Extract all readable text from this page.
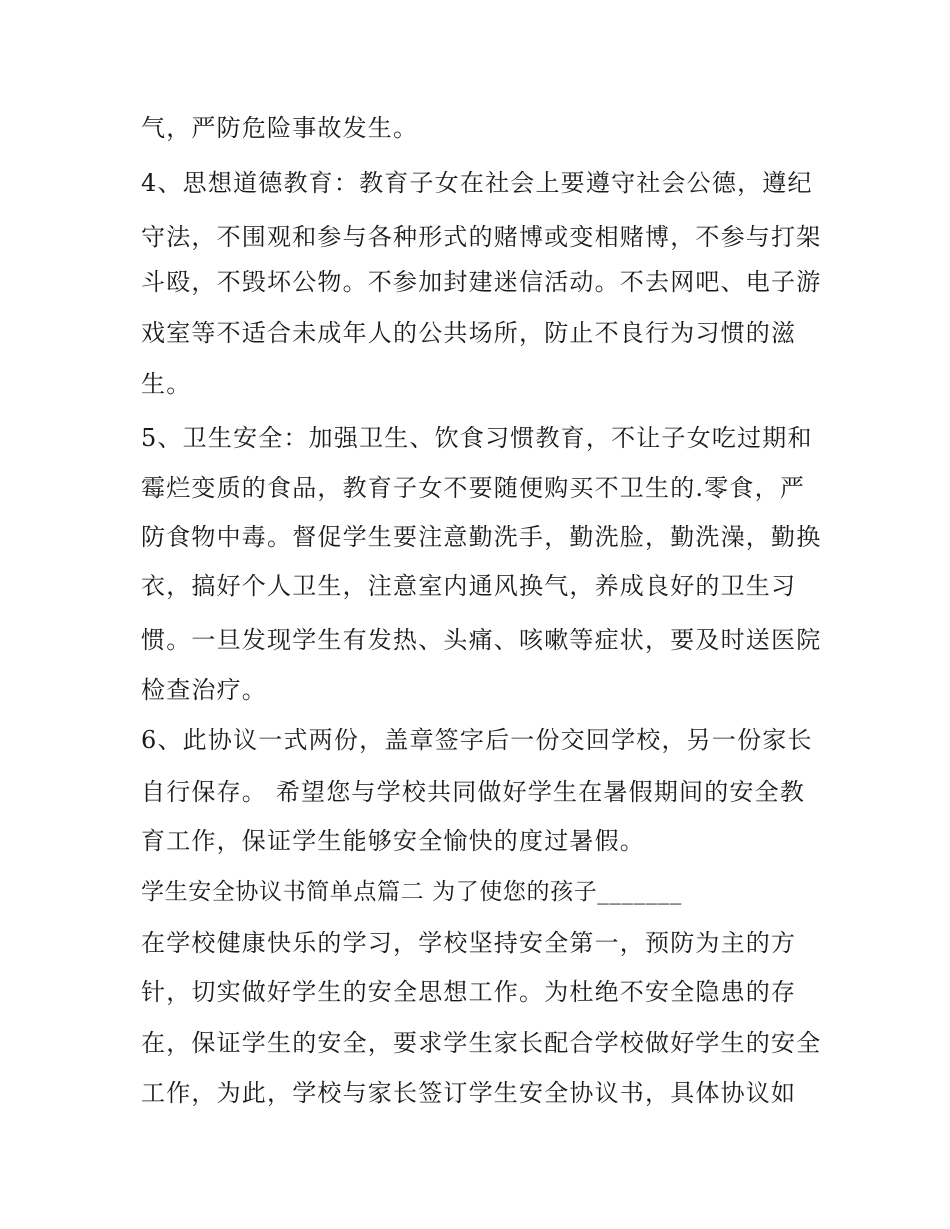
气，严防危险事故发生。
4、思想道德教育：教育子女在社会上要遵守社会公德，遵纪
守法，不围观和参与各种形式的赌博或变相赌博，不参与打架
斗殴，不毁坏公物。不参加封建迷信活动。不去网吧、电子游
戏室等不适合未成年人的公共场所，防止不良行为习惯的滋
生。
5、卫生安全：加强卫生、饮食习惯教育，不让子女吃过期和
霉烂变质的食品，教育子女不要随便购买不卫生的.零食，严
防食物中毒。督促学生要注意勤洗手，勤洗脸，勤洗澡，勤换
衣，搞好个人卫生，注意室内通风换气，养成良好的卫生习
惯。一旦发现学生有发热、头痛、咳嗽等症状，要及时送医院
检查治疗。
6、此协议一式两份，盖章签字后一份交回学校，另一份家长
自行保存。 希望您与学校共同做好学生在暑假期间的安全教
育工作，保证学生能够安全愉快的度过暑假。
学生安全协议书简单点篇二 为了使您的孩子_______
在学校健康快乐的学习，学校坚持安全第一，预防为主的方
针，切实做好学生的安全思想工作。为杜绝不安全隐患的存
在，保证学生的安全，要求学生家长配合学校做好学生的安全
工作，为此，学校与家长签订学生安全协议书，具体协议如
